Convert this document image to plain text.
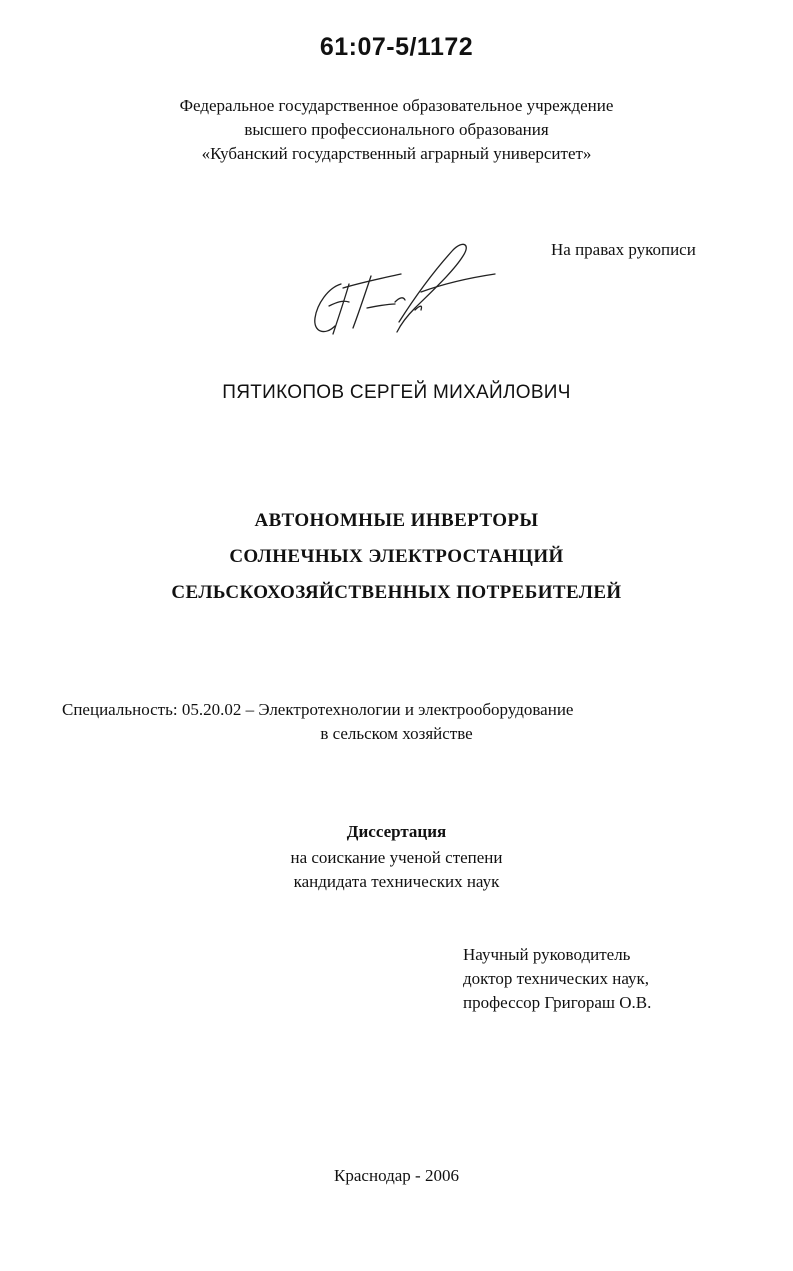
61:07-5/1172
Федеральное государственное образовательное учреждение
высшего профессионального образования
«Кубанский государственный аграрный университет»
На правах рукописи
ПЯТИКОПОВ СЕРГЕЙ МИХАЙЛОВИЧ
АВТОНОМНЫЕ ИНВЕРТОРЫ
СОЛНЕЧНЫХ ЭЛЕКТРОСТАНЦИЙ
СЕЛЬСКОХОЗЯЙСТВЕННЫХ ПОТРЕБИТЕЛЕЙ
Специальность: 05.20.02 – Электротехнологии и электрооборудование
в сельском хозяйстве
Диссертация
на соискание ученой степени
кандидата технических наук
Научный руководитель
доктор технических наук,
профессор Григораш О.В.
Краснодар - 2006
